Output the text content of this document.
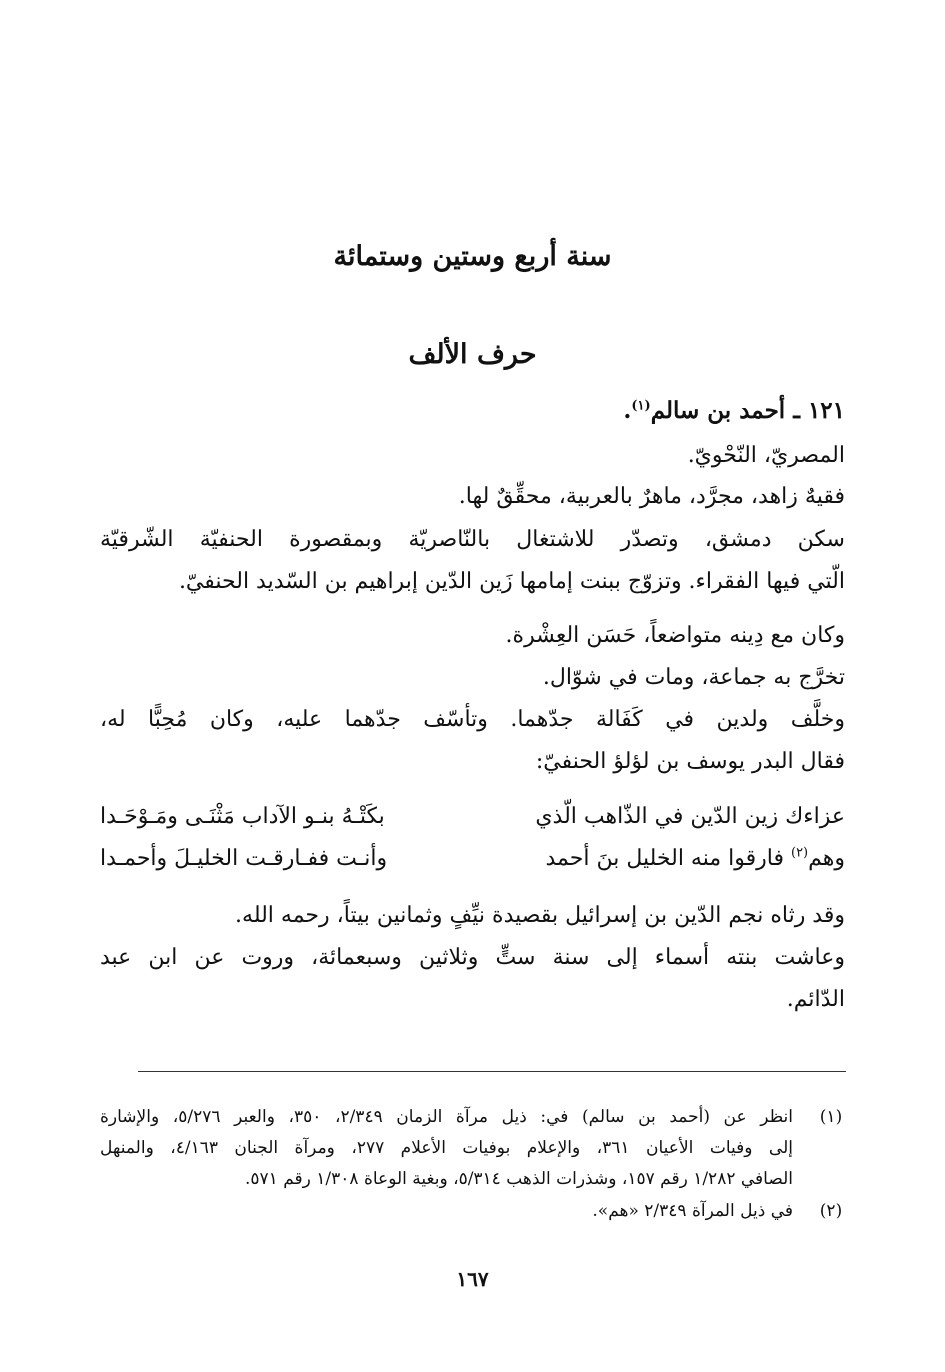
سنة أربع وستين وستمائة
حرف الألف
١٢١ ـ أحمد بن سالم$^{(١)}$.
المصريّ، النّحْويّ.
فقيهٌ زاهد، مجرَّد، ماهرٌ بالعربية، محقِّقٌ لها.
سكن دمشق، وتصدّر للاشتغال بالنّاصريّة وبمقصورة الحنفيّة الشّرقيّة
الّتي فيها الفقراء. وتزوّج ببنت إمامها زَين الدّين إبراهيم بن السّديد الحنفيّ.
وكان مع دِينه متواضعاً، حَسَن العِشْرة.
تخرَّج به جماعة، ومات في شوّال.
وخلَّف ولدين في كَفَالة جدّهما. وتأسّف جدّهما عليه، وكان مُحِبًّا له،
فقال البدر يوسف بن لؤلؤ الحنفيّ:
عزاءك زين الدّين في الذّاهب الّذي
بكَتْـهُ بنـو الآداب مَثْنَـى ومَـوْحَـدا
وهم$^{(٢)}$ فارقوا منه الخليل بنَ أحمد
وأنـت ففـارقـت الخليـلَ وأحمـدا
وقد رثاه نجم الدّين بن إسرائيل بقصيدة نيِّفٍ وثمانين بيتاً، رحمه الله.
وعاشت بنته أسماء إلى سنة ستٍّ وثلاثين وسبعمائة، وروت عن ابن عبد
الدّائم.
(١)
انظر عن (أحمد بن سالم) في: ذيل مرآة الزمان ٢/٣٤٩، ٣٥٠، والعبر ٥/٢٧٦، والإشارة
إلى وفيات الأعيان ٣٦١، والإعلام بوفيات الأعلام ٢٧٧، ومرآة الجنان ٤/١٦٣، والمنهل
الصافي ١/٢٨٢ رقم ١٥٧، وشذرات الذهب ٥/٣١٤، وبغية الوعاة ١/٣٠٨ رقم ٥٧١.
(٢)
في ذيل المرآة ٢/٣٤٩ «هم».
١٦٧
